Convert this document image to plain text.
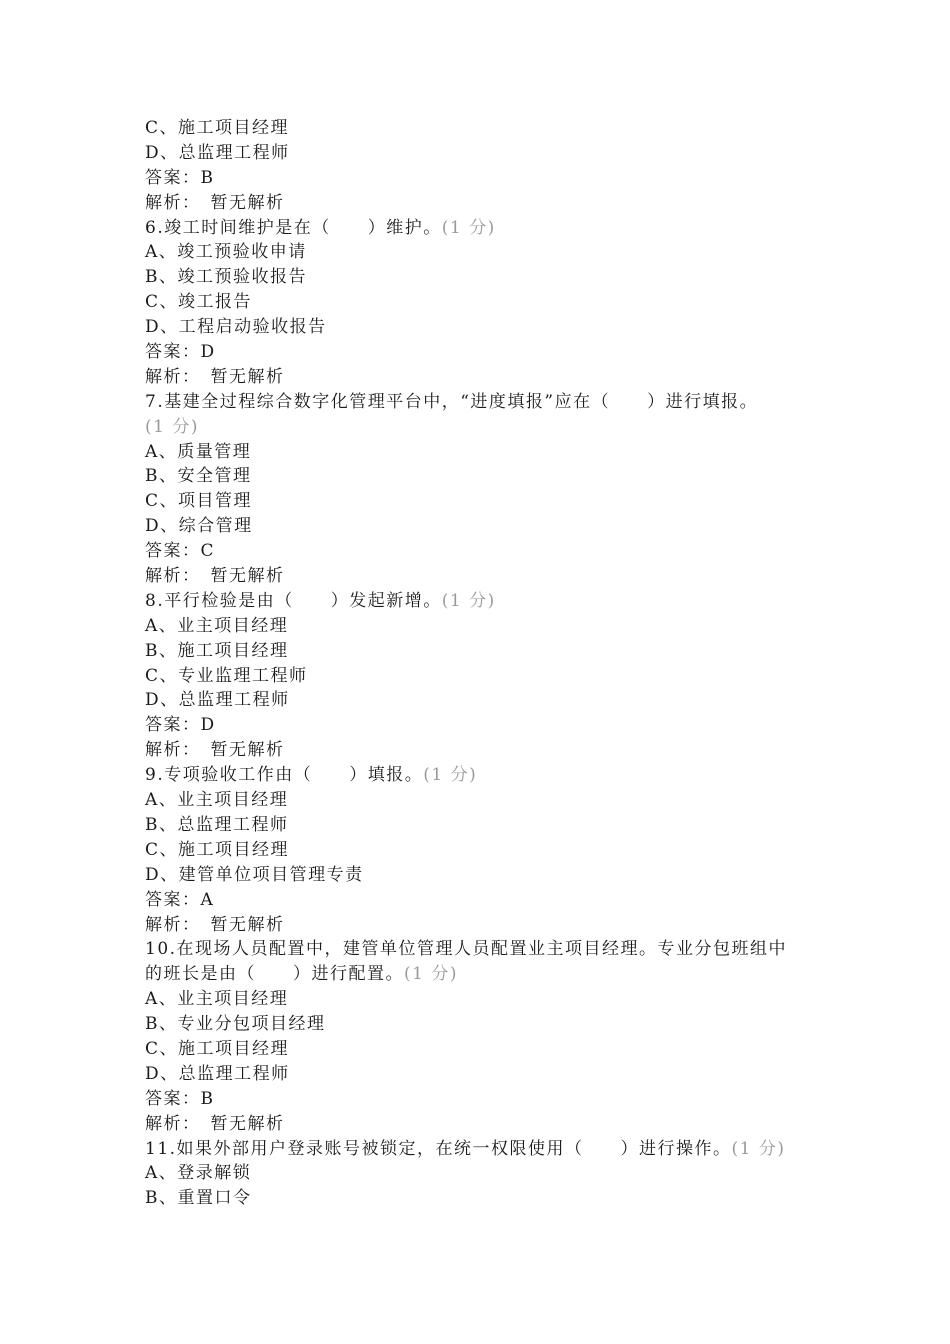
C、施工项目经理
D、总监理工程师
答案：B
解析： 暂无解析
6.竣工时间维护是在（　　）维护。(1 分)
A、竣工预验收申请
B、竣工预验收报告
C、竣工报告
D、工程启动验收报告
答案：D
解析： 暂无解析
7.基建全过程综合数字化管理平台中，“进度填报”应在（　　）进行填报。
(1 分)
A、质量管理
B、安全管理
C、项目管理
D、综合管理
答案：C
解析： 暂无解析
8.平行检验是由（　　）发起新增。(1 分)
A、业主项目经理
B、施工项目经理
C、专业监理工程师
D、总监理工程师
答案：D
解析： 暂无解析
9.专项验收工作由（　　）填报。(1 分)
A、业主项目经理
B、总监理工程师
C、施工项目经理
D、建管单位项目管理专责
答案：A
解析： 暂无解析
10.在现场人员配置中，建管单位管理人员配置业主项目经理。专业分包班组中
的班长是由（　　）进行配置。(1 分)
A、业主项目经理
B、专业分包项目经理
C、施工项目经理
D、总监理工程师
答案：B
解析： 暂无解析
11.如果外部用户登录账号被锁定，在统一权限使用（　　）进行操作。(1 分)
A、登录解锁
B、重置口令
